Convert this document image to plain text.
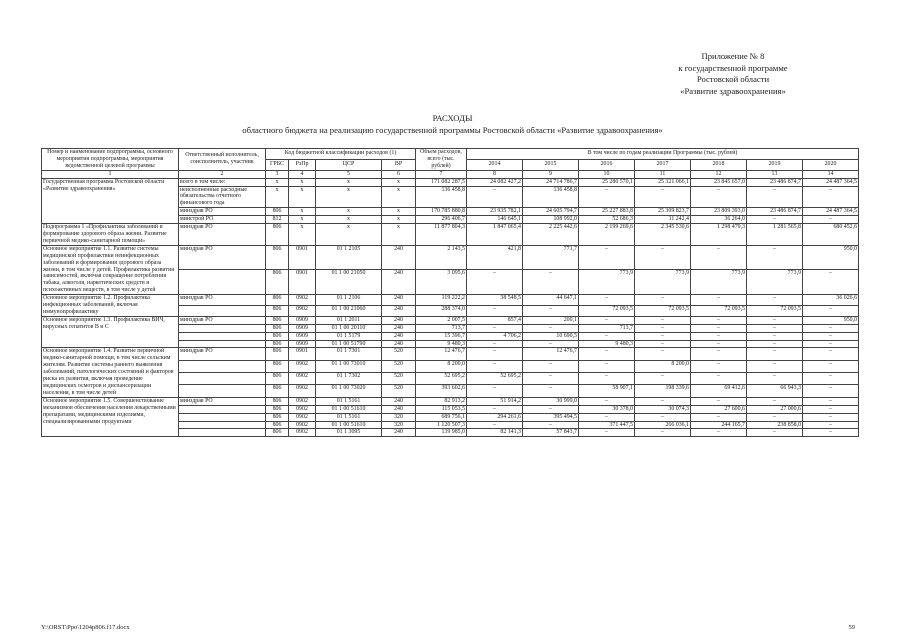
Приложение № 8
к государственной программе
Ростовской области
«Развитие здравоохранения»
РАСХОДЫ
областного бюджета на реализацию государственной программы Ростовской области «Развитие здравоохранения»
Номер и наименование подпрограммы, основного мероприятия подпрограммы, мероприятия ведомственной целевой программы	Ответственный исполнитель, соисполнитель, участник	Код бюджетной классификации расходов (1)				Объем расходов, всего (тыс. рублей)	В том числе по годам реализации Программы (тыс. рублей)						
		ГРБС	РзПр	ЦСР	ВР		2014	2015	2016	2017	2018	2019	2020
1	2	3	4	5	6	7	8	9	10	11	12	13	14
Государственная программа Ростовской области «Развитие здравоохранения»	всего в том числе:	x	x	x	x	171 082 287,5	24 082 427,2	24 714 786,7	25 280 570,1	25 321 066,1	23 845 657,0	23 486 874,7	24 487 364,5
	неисполненные расходные обязательства отчетного финансового года	x	x	x	x	136 458,8	–	136 458,8	–	–	–	–	–
	минздрав РО	806	x	x	x	170 785 880,8	23 935 782,1	24 605 794,7	25 227 883,8	25 309 823,7	23 809 393,0	23 486 874,7	24 487 364,5
	минстрой РО	812	x	x	x	296 406,7	146 645,1	108 992,0	52 686,3	11 242,4	36 264,0	–	–
Подпрограмма 1 «Профилактика заболеваний и формирование здорового образа жизни. Развитие первичной медико-санитарной помощи»	минздрав РО	806	x	x	x	11 877 804,3	1 847 065,4	2 225 442,6	2 199 269,6	2 345 530,6	1 298 479,3	1 281 565,8	680 452,6
Основное мероприятие 1.1. Развитие системы медицинской профилактики неинфекционных заболеваний и формирования здорового образа жизни, в том числе у детей. Профилактика развития зависимостей, включая сокращение потребления табака, алкоголя, наркотических средств и психоактивных веществ, в том числе у детей	минздрав РО	806	0901	01 1 2105	240	2 143,5	421,8	771,7	–	–	–	–	950,0
		806	0901	01 1 00 21050	240	3 095,6	–	–	773,9	773,9	773,9	773,9	–
Основное мероприятие 1.2. Профилактика инфекционных заболеваний, включая иммунопрофилактику	минздрав РО	806	0902	01 1 2106	240	119 222,2	38 548,5	44 647,1	–	–	–	–	36 026,6
		806	0902	01 1 00 21060	240	288 374,0	–	–	72 093,5	72 093,5	72 093,5	72 093,5	–
Основное мероприятие 1.3. Профилактика ВИЧ, вирусных гепатитов B и C	минздрав РО	806	0909	01 1 2011	240	2 007,5	857,4	200,1	–	–	–	–	950,0
		806	0909	01 1 00 20110	240	713,7	–	–	713,7	–	–	–	–
		806	0909	01 1 5179	240	15 396,7	4 706,2	10 690,5	–	–	–	–	–
		806	0909	01 1 00 51790	240	9 480,3	–	–	9 480,3	–	–	–	–
Основное мероприятие 1.4. Развитие первичной медико-санитарной помощи, в том числе сельским жителям. Развитие системы раннего выявления заболеваний, патологических состояний и факторов риска их развития, включая проведение медицинских осмотров и диспансеризации населения, в том числе детей	минздрав РО	806	0901	01 1 7301	520	12 476,7	–	12 476,7	–	–	–	–	–
		806	0902	01 1 00 73010	520	8 200,0	–	–	–	8 200,0	–	–	–
		806	0902	01 1 7302	520	52 695,2	52 695,2	–	–	–	–	–	–
		806	0902	01 1 00 73020	520	393 602,6	–	–	58 907,1	198 339,6	69 412,6	66 943,3	–
Основное мероприятие 1.5. Совершенствование механизмов обеспечения населения лекарственными препаратами, медицинскими изделиями, специализированными продуктами	минздрав РО	806	0902	01 1 5161	240	82 913,2	51 914,2	30 999,0	–	–	–	–	–
		806	0902	01 1 00 51610	240	115 053,5	–	–	30 378,0	30 074,3	27 600,6	27 000,6	–
		806	0902	01 1 5161	320	689 756,1	294 261,6	395 494,5	–	–	–	–	–
		806	0902	01 1 00 51610	320	1 120 507,3	–	–	371 447,5	266 036,1	244 165,7	238 858,0	–
		806	0902	01 1 3095	240	139 985,0	82 141,3	57 843,7	–	–	–	–	–
Y:\ORST\Ppo\1204p806.f17.docx	59
